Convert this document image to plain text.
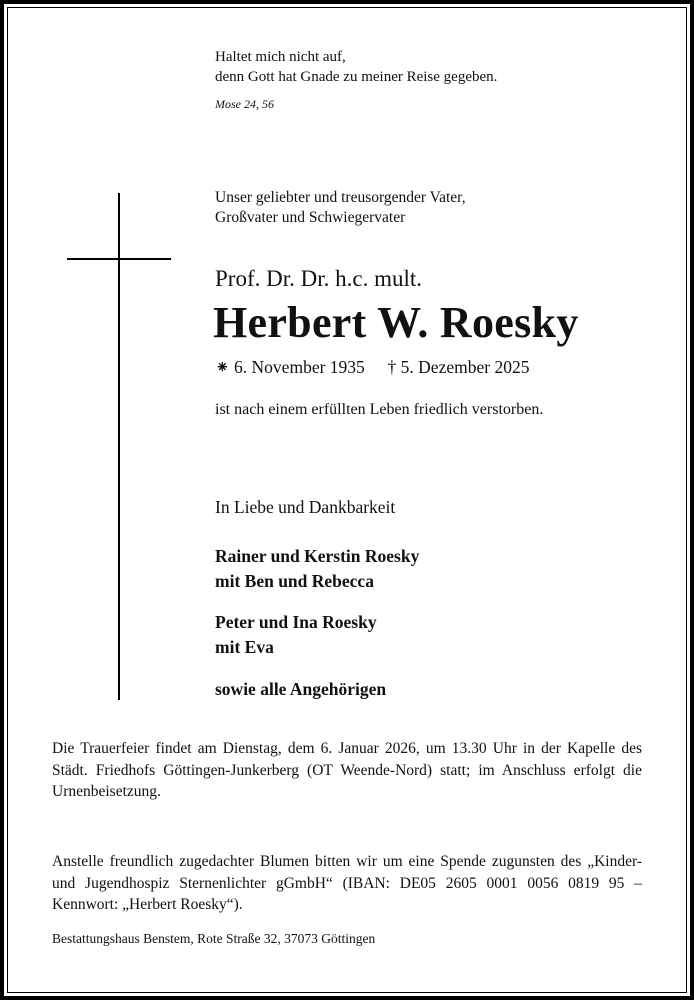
Haltet mich nicht auf,
denn Gott hat Gnade zu meiner Reise gegeben.
Mose 24, 56
Unser geliebter und treusorgender Vater,
Großvater und Schwiegervater
Prof. Dr. Dr. h.c. mult.
Herbert W. Roesky
⁕ 6. November 1935 † 5. Dezember 2025
ist nach einem erfüllten Leben friedlich verstorben.
In Liebe und Dankbarkeit
Rainer und Kerstin Roesky
mit Ben und Rebecca
Peter und Ina Roesky
mit Eva
sowie alle Angehörigen
Die Trauerfeier findet am Dienstag, dem 6. Januar 2026, um 13.30 Uhr in der Kapelle des Städt. Friedhofs Göttingen-Junkerberg (OT Weende-Nord) statt; im Anschluss erfolgt die Urnenbeisetzung.
Anstelle freundlich zugedachter Blumen bitten wir um eine Spende zugunsten des „Kinder- und Jugendhospiz Sternenlichter gGmbH“ (IBAN: DE05 2605 0001 0056 0819 95 – Kennwort: „Herbert Roesky“).
Bestattungshaus Benstem, Rote Straße 32, 37073 Göttingen
